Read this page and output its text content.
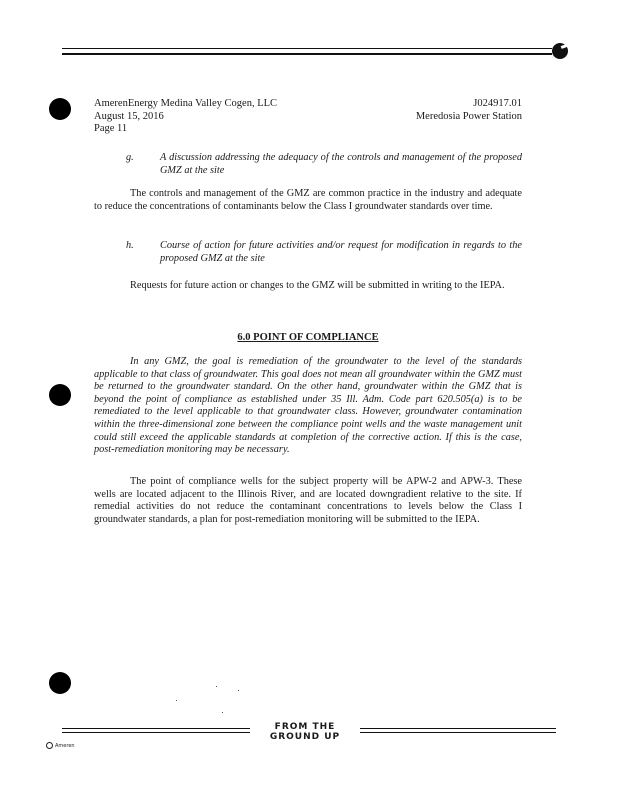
AmerenEnergy Medina Valley Cogen, LLC	J024917.01
August 15, 2016	Meredosia Power Station
Page 11
g.	A discussion addressing the adequacy of the controls and management of the proposed GMZ at the site
The controls and management of the GMZ are common practice in the industry and adequate to reduce the concentrations of contaminants below the Class I groundwater standards over time.
h.	Course of action for future activities and/or request for modification in regards to the proposed GMZ at the site
Requests for future action or changes to the GMZ will be submitted in writing to the IEPA.
6.0 POINT OF COMPLIANCE
In any GMZ, the goal is remediation of the groundwater to the level of the standards applicable to that class of groundwater. This goal does not mean all groundwater within the GMZ must be returned to the groundwater standard. On the other hand, groundwater within the GMZ that is beyond the point of compliance as established under 35 Ill. Adm. Code part 620.505(a) is to be remediated to the level applicable to that groundwater class. However, groundwater contamination within the three-dimensional zone between the compliance point wells and the waste management unit could still exceed the applicable standards at completion of the corrective action. If this is the case, post-remediation monitoring may be necessary.
The point of compliance wells for the subject property will be APW-2 and APW-3. These wells are located adjacent to the Illinois River, and are located downgradient relative to the site. If remedial activities do not reduce the contaminant concentrations to levels below the Class I groundwater standards, a plan for post-remediation monitoring will be submitted to the IEPA.
FROM THE GROUND UP
Ameren
